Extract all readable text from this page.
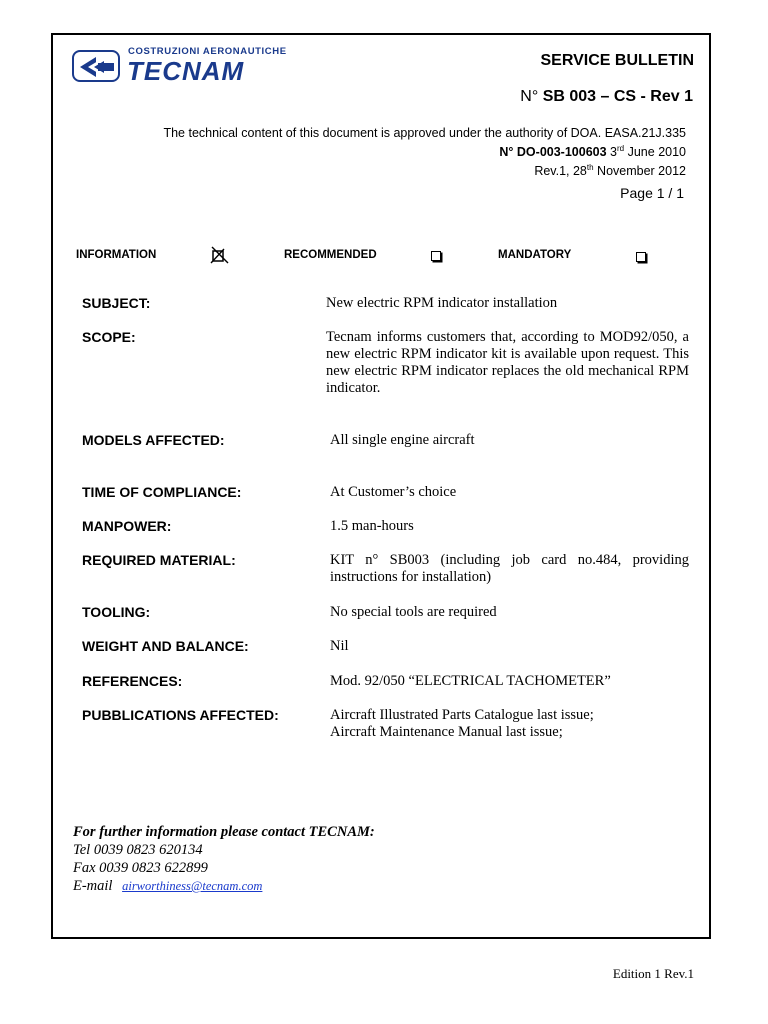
COSTRUZIONI AERONAUTICHE
TECNAM	SERVICE BULLETIN
N° SB 003 – CS - Rev 1
The technical content of this document is approved under the authority of DOA. EASA.21J.335
N° DO-003-100603 3rd June 2010
Rev.1, 28th November 2012
Page 1 / 1
INFORMATION	RECOMMENDED	MANDATORY
SUBJECT:	New electric RPM indicator installation
SCOPE:	Tecnam informs customers that, according to MOD92/050, a new electric RPM indicator kit is available upon request. This new electric RPM indicator replaces the old mechanical RPM indicator.
MODELS AFFECTED:	All single engine aircraft
TIME OF COMPLIANCE:	At Customer’s choice
MANPOWER:	1.5 man-hours
REQUIRED MATERIAL:	KIT n° SB003 (including job card no.484, providing instructions for installation)
TOOLING:	No special tools are required
WEIGHT AND BALANCE:	Nil
REFERENCES:	Mod. 92/050 “ELECTRICAL TACHOMETER”
PUBBLICATIONS AFFECTED:	Aircraft Illustrated Parts Catalogue last issue;
Aircraft Maintenance Manual last issue;
For further information please contact TECNAM:
Tel 0039 0823 620134
Fax 0039 0823 622899
E-mail airworthiness@tecnam.com
Edition 1 Rev.1
